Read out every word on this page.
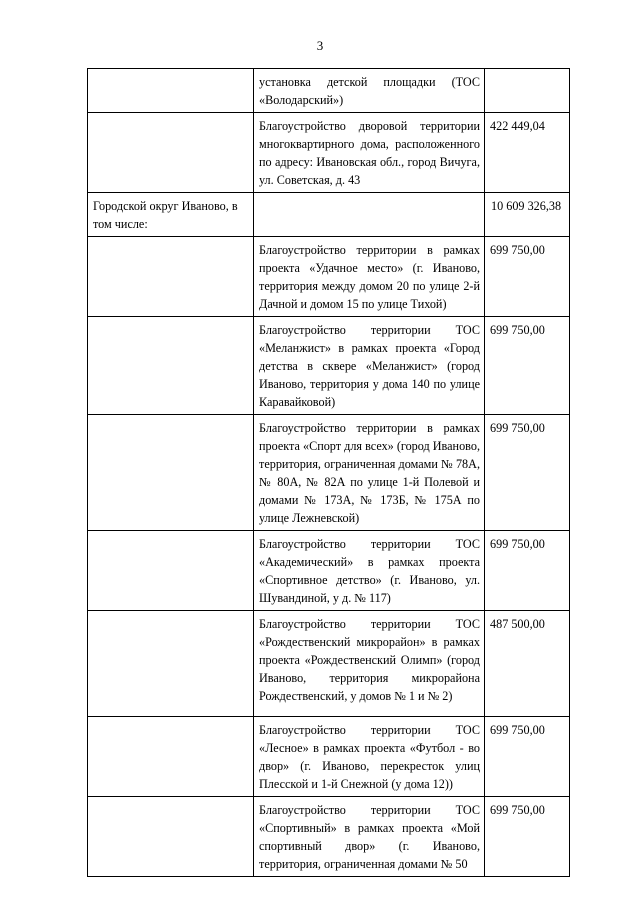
3
	установка детской площадки (ТОС «Володарский»)	
	Благоустройство дворовой территории многоквартирного дома, расположенного по адресу: Ивановская обл., город Вичуга, ул. Советская, д. 43	422 449,04
Городской округ Иваново, в том числе:		10 609 326,38
	Благоустройство территории в рамках проекта «Удачное место» (г. Иваново, территория между домом 20 по улице 2-й Дачной и домом 15 по улице Тихой)	699 750,00
	Благоустройство территории ТОС «Меланжист» в рамках проекта «Город детства в сквере «Меланжист» (город Иваново, территория у дома 140 по улице Каравайковой)	699 750,00
	Благоустройство территории в рамках проекта «Спорт для всех» (город Иваново, территория, ограниченная домами № 78А, № 80А, № 82А по улице 1-й Полевой и домами № 173А, № 173Б, № 175А по улице Лежневской)	699 750,00
	Благоустройство территории ТОС «Академический» в рамках проекта «Спортивное детство» (г. Иваново, ул. Шувандиной, у д. № 117)	699 750,00
	Благоустройство территории ТОС «Рождественский микрорайон» в рамках проекта «Рождественский Олимп» (город Иваново, территория микрорайона Рождественский, у домов № 1 и № 2)	487 500,00
	Благоустройство территории ТОС «Лесное» в рамках проекта «Футбол - во двор» (г. Иваново, перекресток улиц Плесской и 1-й Снежной (у дома 12))	699 750,00
	Благоустройство территории ТОС «Спортивный» в рамках проекта «Мой спортивный двор» (г. Иваново, территория, ограниченная домами № 50	699 750,00
